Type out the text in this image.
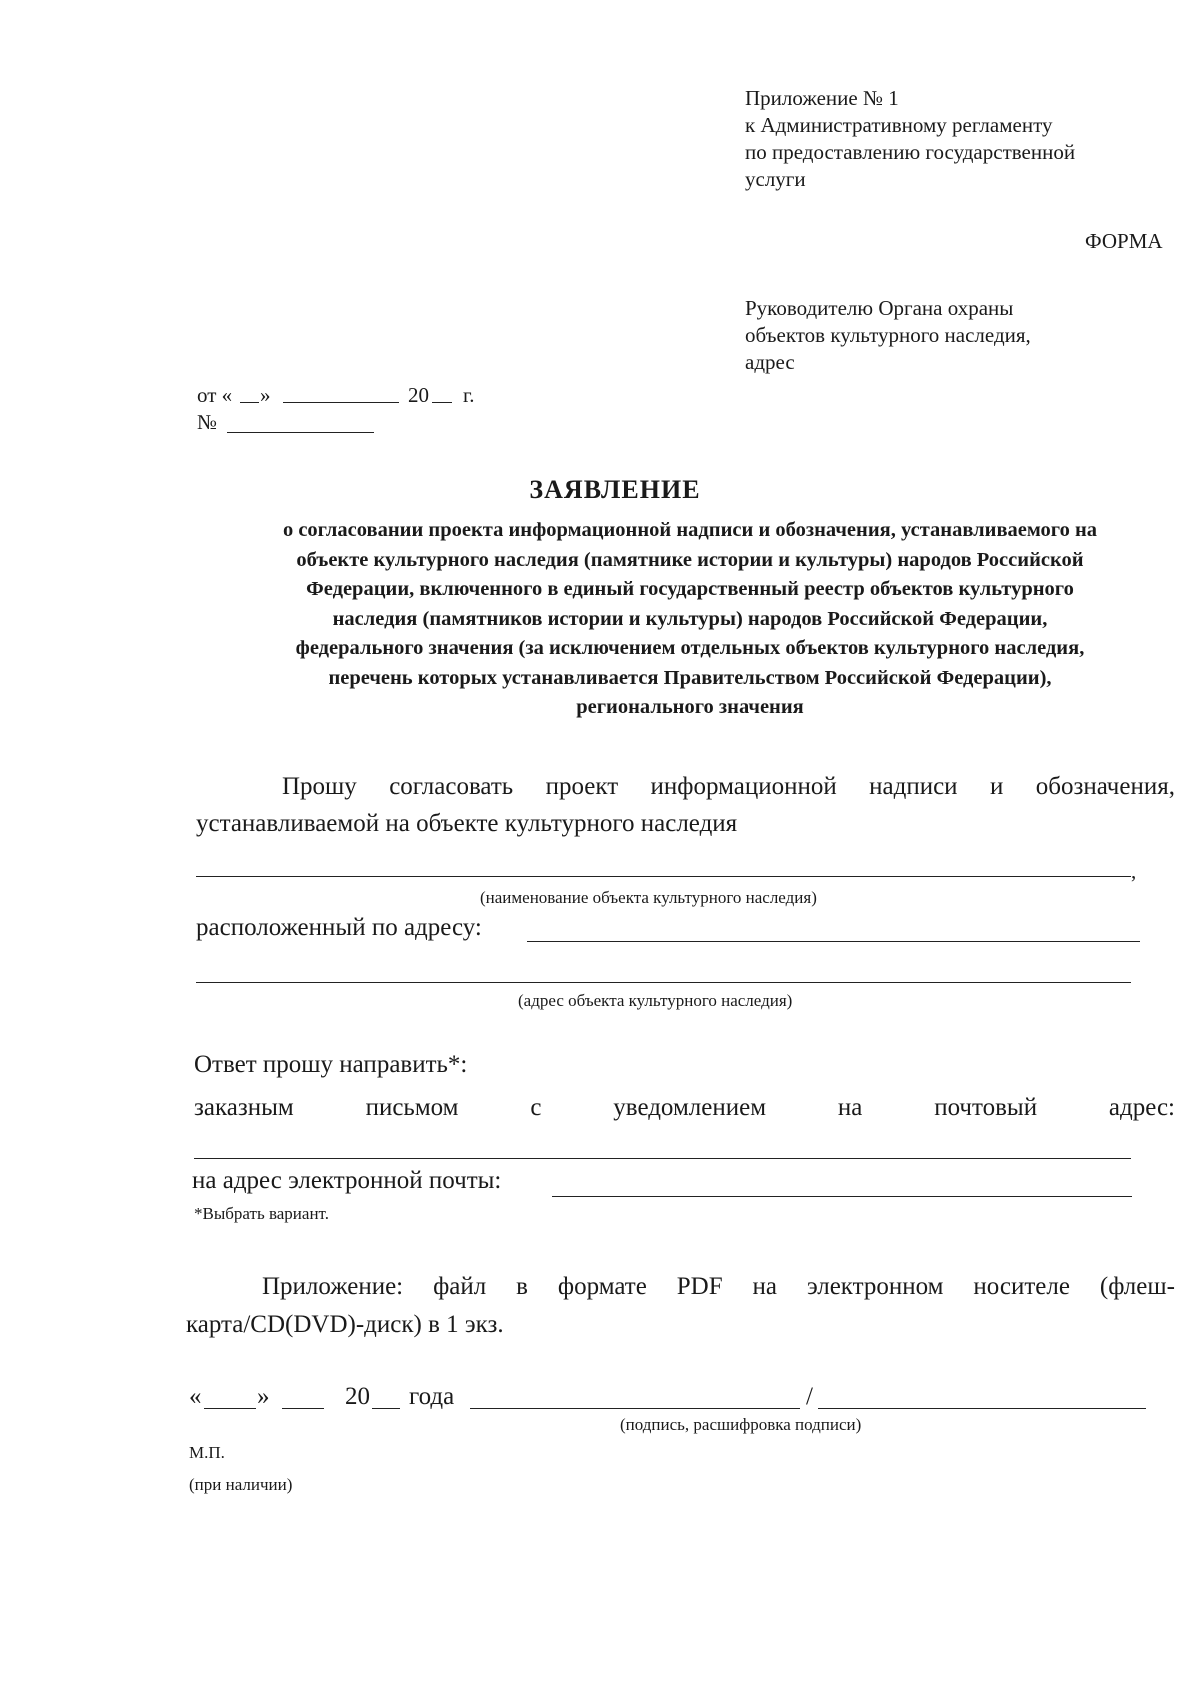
Приложение № 1
к Административному регламенту
по предоставлению государственной
услуги
ФОРМА
Руководителю Органа охраны
объектов культурного наследия,
адрес
от « »	20 г.
№
ЗАЯВЛЕНИЕ
о согласовании проекта информационной надписи и обозначения, устанавливаемого на
объекте культурного наследия (памятнике истории и культуры) народов Российской
Федерации, включенного в единый государственный реестр объектов культурного
наследия (памятников истории и культуры) народов Российской Федерации,
федерального значения (за исключением отдельных объектов культурного наследия,
перечень которых устанавливается Правительством Российской Федерации),
регионального значения
Прошу согласовать проект информационной надписи и обозначения,
устанавливаемой на объекте культурного наследия
,
(наименование объекта культурного наследия)
расположенный по адресу:
(адрес объекта культурного наследия)
Ответ прошу направить*:
заказным	письмом	с	уведомлением	на	почтовый	адрес:
на адрес электронной почты:
*Выбрать вариант.
Приложение: файл в формате PDF на электронном носителе (флеш-
карта/CD(DVD)-диск) в 1 экз.
« »	20 года	/
(подпись, расшифровка подписи)
М.П.
(при наличии)
